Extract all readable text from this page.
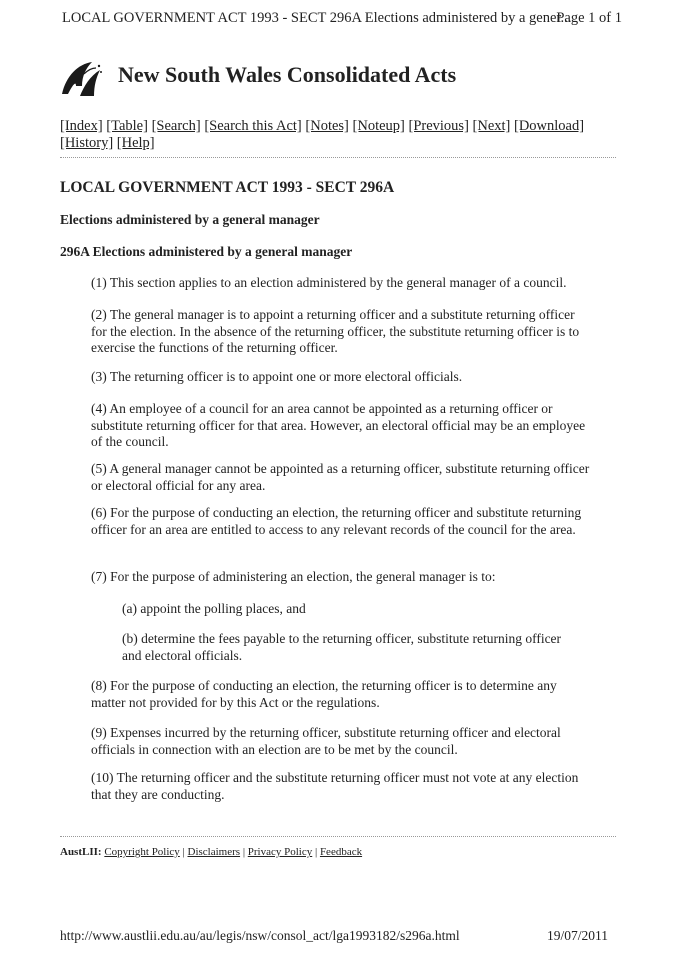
LOCAL GOVERNMENT ACT 1993 - SECT 296A Elections administered by a gener...
Page 1 of 1
New South Wales Consolidated Acts
[Index] [Table] [Search] [Search this Act] [Notes] [Noteup] [Previous] [Next] [Download] [History] [Help]
LOCAL GOVERNMENT ACT 1993 - SECT 296A
Elections administered by a general manager
296A Elections administered by a general manager
(1) This section applies to an election administered by the general manager of a council.
(2) The general manager is to appoint a returning officer and a substitute returning officer for the election. In the absence of the returning officer, the substitute returning officer is to exercise the functions of the returning officer.
(3) The returning officer is to appoint one or more electoral officials.
(4) An employee of a council for an area cannot be appointed as a returning officer or substitute returning officer for that area. However, an electoral official may be an employee of the council.
(5) A general manager cannot be appointed as a returning officer, substitute returning officer or electoral official for any area.
(6) For the purpose of conducting an election, the returning officer and substitute returning officer for an area are entitled to access to any relevant records of the council for the area.
(7) For the purpose of administering an election, the general manager is to:
(a) appoint the polling places, and
(b) determine the fees payable to the returning officer, substitute returning officer and electoral officials.
(8) For the purpose of conducting an election, the returning officer is to determine any matter not provided for by this Act or the regulations.
(9) Expenses incurred by the returning officer, substitute returning officer and electoral officials in connection with an election are to be met by the council.
(10) The returning officer and the substitute returning officer must not vote at any election that they are conducting.
AustLII: Copyright Policy | Disclaimers | Privacy Policy | Feedback
http://www.austlii.edu.au/au/legis/nsw/consol_act/lga1993182/s296a.html	19/07/2011
